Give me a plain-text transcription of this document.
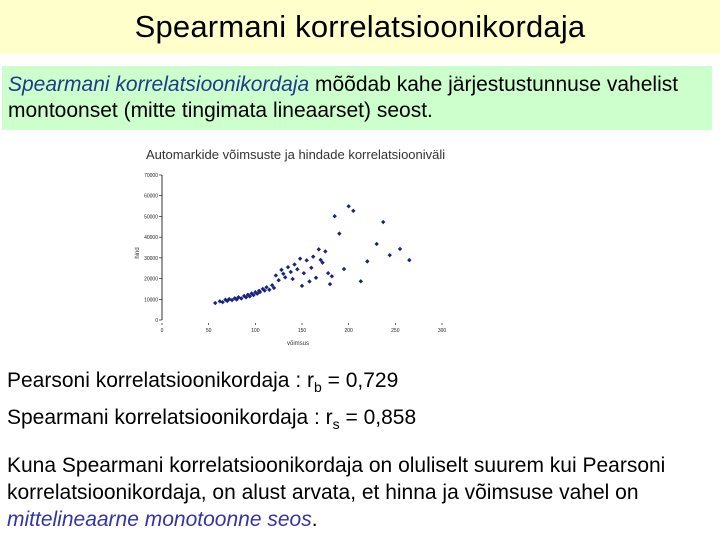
Spearmani korrelatsioonikordaja

Spearmani korrelatsioonikordaja mõõdab kahe järjestustunnuse vahelist montoonset (mitte tingimata lineaarset) seost.

Automarkide võimsuste ja hindade korrelatsiooniväli
0
10000
20000
30000
40000
50000
60000
70000
0	50	100	150	200	250	300
hind
võimsus
Pearsoni korrelatsioonikordaja : $r_b = 0,729$
Spearmani korrelatsioonikordaja : $r_s = 0,858$

Kuna Spearmani korrelatsioonikordaja on oluliselt suurem kui Pearsoni korrelatsioonikordaja, on alust arvata, et hinna ja võimsuse vahel on mittelineaarne monotoonne seos.
